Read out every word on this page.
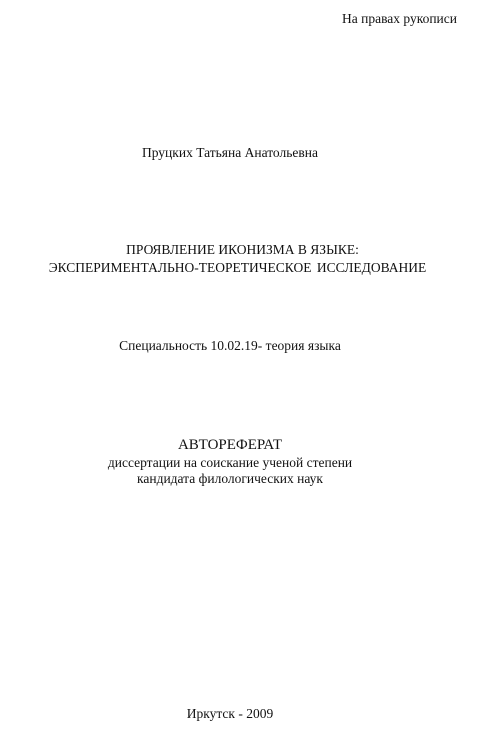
На правах рукописи
Пруцких Татьяна Анатольевна
ПРОЯВЛЕНИЕ ИКОНИЗМА В ЯЗЫКЕ:
ЭКСПЕРИМЕНТАЛЬНО-ТЕОРЕТИЧЕСКОЕ ИССЛЕДОВАНИЕ
Специальность 10.02.19- теория языка
АВТОРЕФЕРАТ
диссертации на соискание ученой степени
кандидата филологических наук
Иркутск - 2009
